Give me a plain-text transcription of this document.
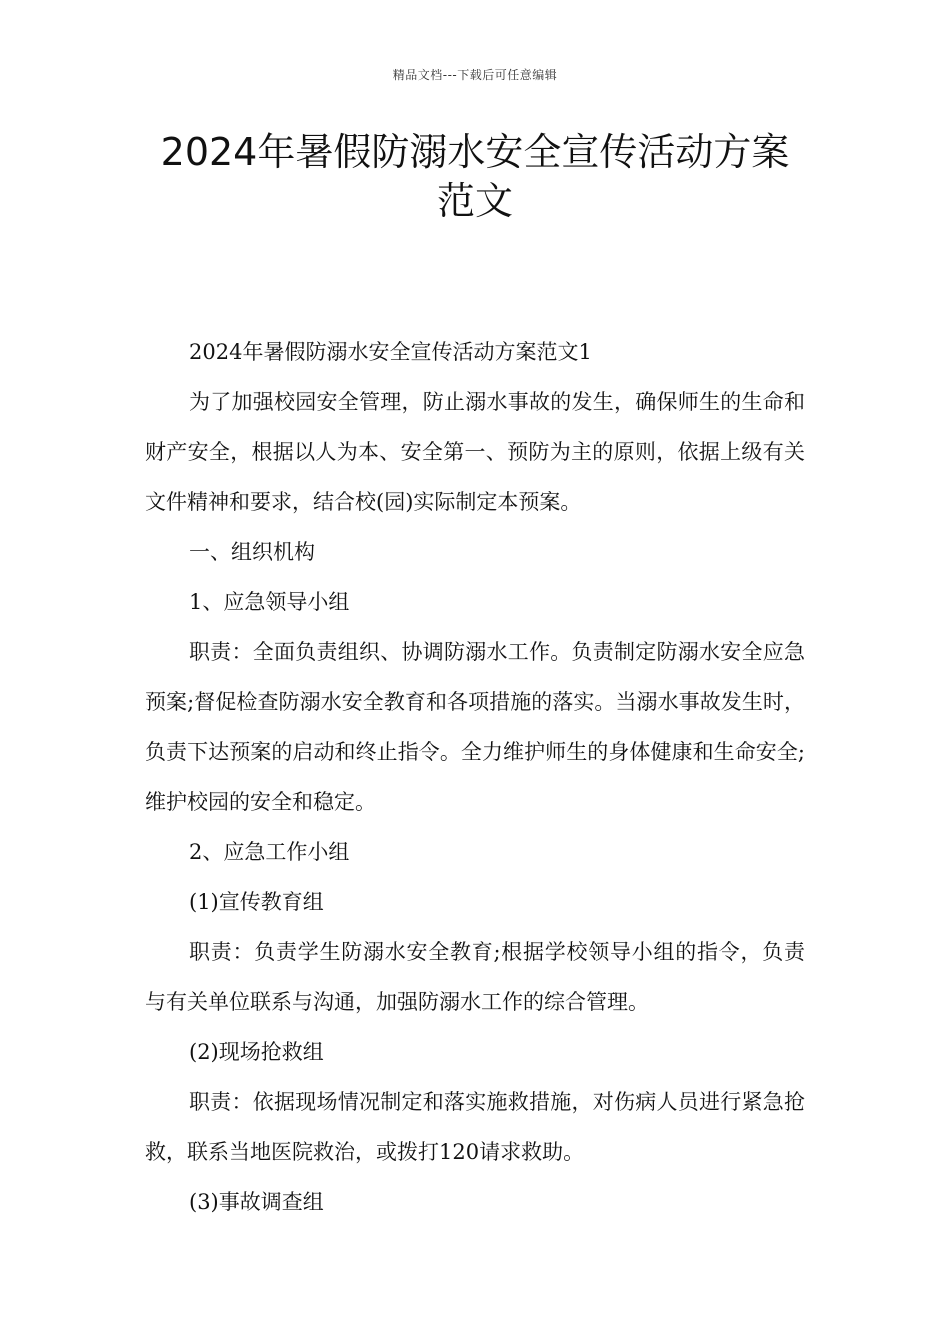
精品文档---下载后可任意编辑
2024年暑假防溺水安全宣传活动方案范文

2024年暑假防溺水安全宣传活动方案范文1

为了加强校园安全管理，防止溺水事故的发生，确保师生的生命和财产安全，根据以人为本、安全第一、预防为主的原则，依据上级有关文件精神和要求，结合校(园)实际制定本预案。

一、组织机构

1、应急领导小组

职责：全面负责组织、协调防溺水工作。负责制定防溺水安全应急预案;督促检查防溺水安全教育和各项措施的落实。当溺水事故发生时，负责下达预案的启动和终止指令。全力维护师生的身体健康和生命安全;维护校园的安全和稳定。

2、应急工作小组

(1)宣传教育组

职责：负责学生防溺水安全教育;根据学校领导小组的指令，负责与有关单位联系与沟通，加强防溺水工作的综合管理。

(2)现场抢救组

职责：依据现场情况制定和落实施救措施，对伤病人员进行紧急抢救，联系当地医院救治，或拨打120请求救助。

(3)事故调查组
